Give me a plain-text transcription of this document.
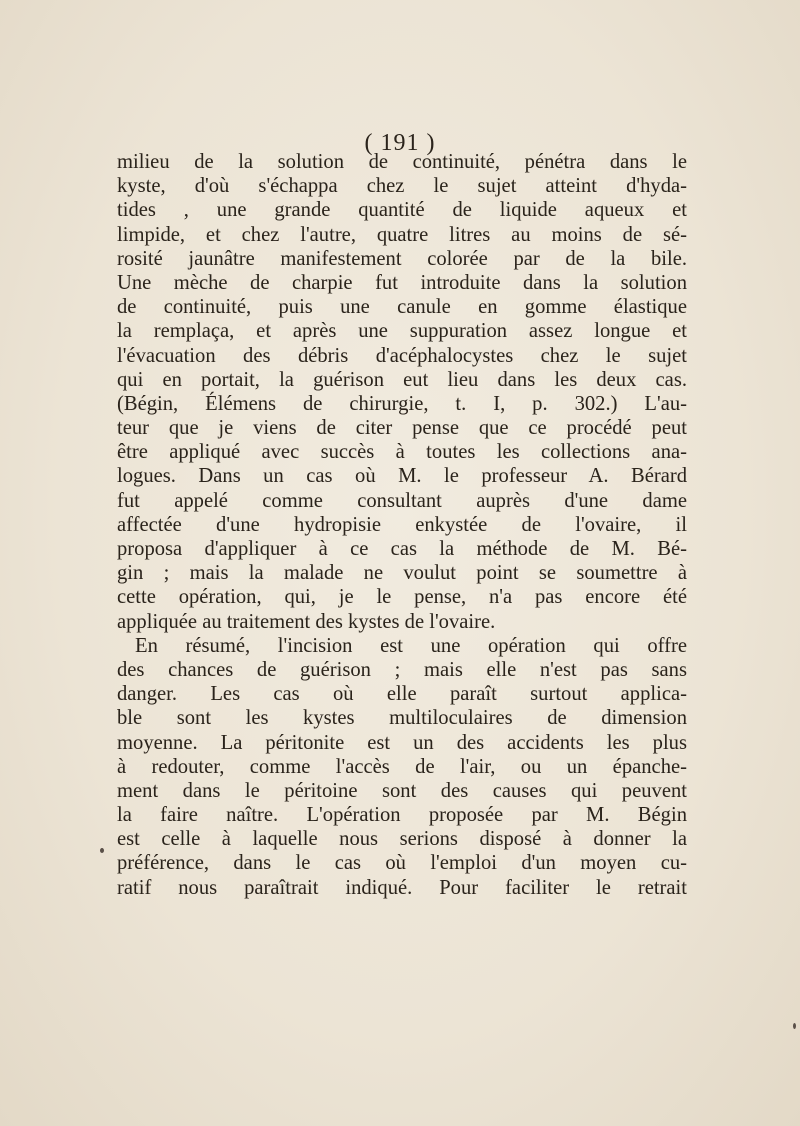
( 191 )
milieu de la solution de continuité, pénétra dans le
kyste, d'où s'échappa chez le sujet atteint d'hyda-
tides , une grande quantité de liquide aqueux et
limpide, et chez l'autre, quatre litres au moins de sé-
rosité jaunâtre manifestement colorée par de la bile.
Une mèche de charpie fut introduite dans la solution
de continuité, puis une canule en gomme élastique
la remplaça, et après une suppuration assez longue et
l'évacuation des débris d'acéphalocystes chez le sujet
qui en portait, la guérison eut lieu dans les deux cas.
(Bégin, Élémens de chirurgie, t. I, p. 302.) L'au-
teur que je viens de citer pense que ce procédé peut
être appliqué avec succès à toutes les collections ana-
logues. Dans un cas où M. le professeur A. Bérard
fut appelé comme consultant auprès d'une dame
affectée d'une hydropisie enkystée de l'ovaire, il
proposa d'appliquer à ce cas la méthode de M. Bé-
gin ; mais la malade ne voulut point se soumettre à
cette opération, qui, je le pense, n'a pas encore été
appliquée au traitement des kystes de l'ovaire.
En résumé, l'incision est une opération qui offre
des chances de guérison ; mais elle n'est pas sans
danger. Les cas où elle paraît surtout applica-
ble sont les kystes multiloculaires de dimension
moyenne. La péritonite est un des accidents les plus
à redouter, comme l'accès de l'air, ou un épanche-
ment dans le péritoine sont des causes qui peuvent
la faire naître. L'opération proposée par M. Bégin
est celle à laquelle nous serions disposé à donner la
préférence, dans le cas où l'emploi d'un moyen cu-
ratif nous paraîtrait indiqué. Pour faciliter le retrait
